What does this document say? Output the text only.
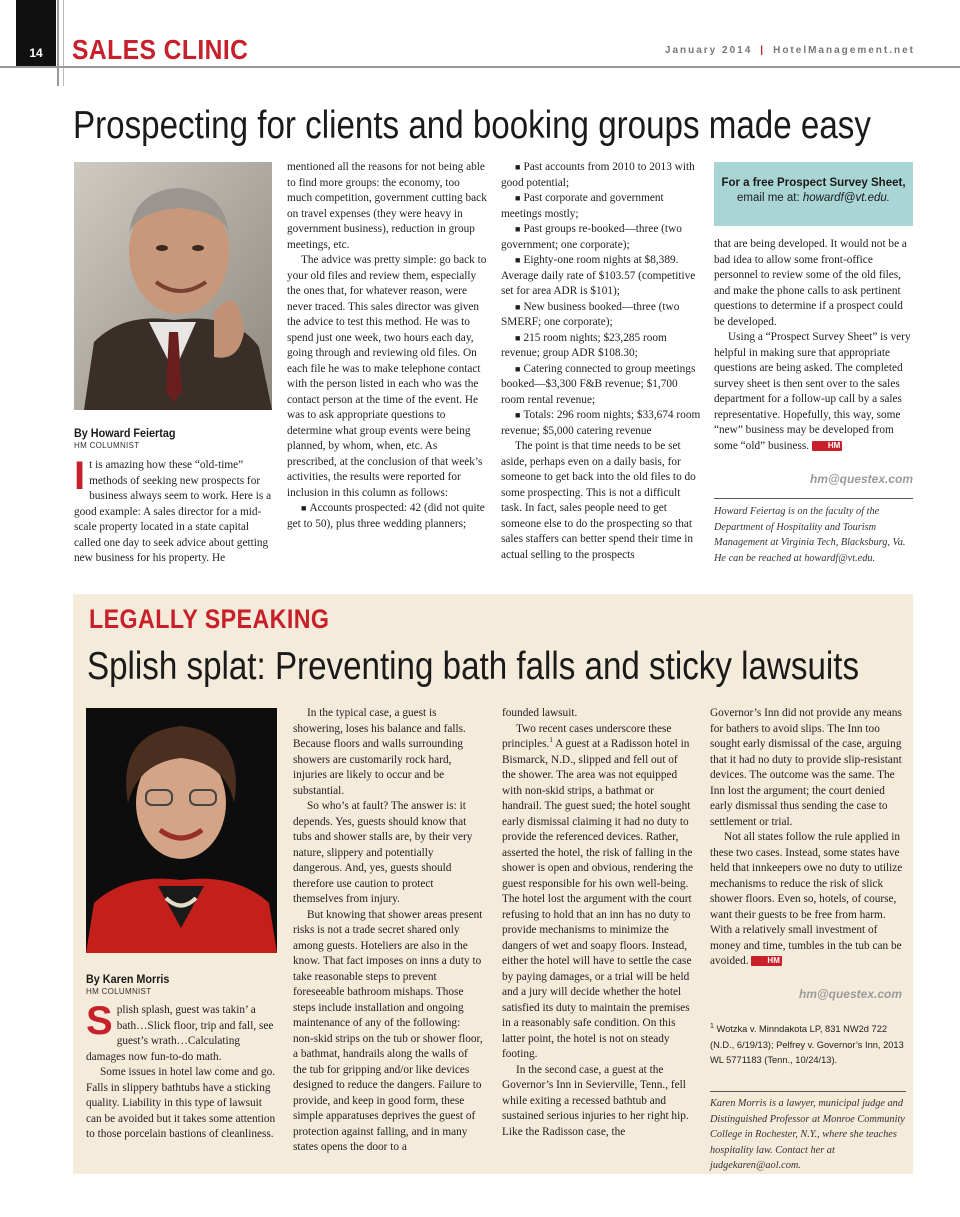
14	SALES CLINIC	January 2014 | HotelManagement.net
Prospecting for clients and booking groups made easy
By Howard Feiertag
HM COLUMNIST
I t is amazing how these “old-time” methods of seeking new prospects for business always seem to work. Here is a good example: A sales director for a mid-scale property located in a state capital called one day to seek advice about getting new business for his property. He

mentioned all the reasons for not being able to find more groups: the economy, too much competition, government cutting back on travel expenses (they were heavy in government business), reduction in group meetings, etc.

The advice was pretty simple: go back to your old files and review them, especially the ones that, for whatever reason, were never traced. This sales director was given the advice to test this method. He was to spend just one week, two hours each day, going through and reviewing old files. On each file he was to make telephone contact with the person listed in each who was the contact person at the time of the event. He was to ask appropriate questions to determine what group events were being planned, by whom, when, etc. As prescribed, at the conclusion of that week’s activities, the results were reported for inclusion in this column as follows:

■ Accounts prospected: 42 (did not quite get to 50), plus three wedding planners;

■ Past accounts from 2010 to 2013 with good potential;

■ Past corporate and government meetings mostly;

■ Past groups re-booked—three (two government; one corporate);

■ Eighty-one room nights at $8,389. Average daily rate of $103.57 (competitive set for area ADR is $101);

■ New business booked—three (two SMERF; one corporate);

■ 215 room nights; $23,285 room revenue; group ADR $108.30;

■ Catering connected to group meetings booked—$3,300 F&B revenue; $1,700 room rental revenue;

■ Totals: 296 room nights; $33,674 room revenue; $5,000 catering revenue

The point is that time needs to be set aside, perhaps even on a daily basis, for someone to get back into the old files to do some prospecting. This is not a difficult task. In fact, sales people need to get someone else to do the prospecting so that sales staffers can better spend their time in actual selling to the prospects

For a free Prospect Survey Sheet,
email me at: howardf@vt.edu.

that are being developed. It would not be a bad idea to allow some front-office personnel to review some of the old files, and make the phone calls to ask pertinent questions to determine if a prospect could be developed.

Using a “Prospect Survey Sheet” is very helpful in making sure that appropriate questions are being asked. The completed survey sheet is then sent over to the sales department for a follow-up call by a sales representative. Hopefully, this way, some “new” business may be developed from some “old” business. HM

hm@questex.com
Howard Feiertag is on the faculty of the Department of Hospitality and Tourism Management at Virginia Tech, Blacksburg, Va. He can be reached at howardf@vt.edu.
LEGALLY SPEAKING
Splish splat: Preventing bath falls and sticky lawsuits
By Karen Morris
HM COLUMNIST
S plish splash, guest was takin’ a bath…Slick floor, trip and fall, see guest’s wrath…Calculating damages now fun-to-do math.

Some issues in hotel law come and go. Falls in slippery bathtubs have a sticking quality. Liability in this type of lawsuit can be avoided but it takes some attention to those porcelain bastions of cleanliness.

In the typical case, a guest is showering, loses his balance and falls. Because floors and walls surrounding showers are customarily rock hard, injuries are likely to occur and be substantial.

So who’s at fault? The answer is: it depends. Yes, guests should know that tubs and shower stalls are, by their very nature, slippery and potentially dangerous. And, yes, guests should therefore use caution to protect themselves from injury.

But knowing that shower areas present risks is not a trade secret shared only among guests. Hoteliers are also in the know. That fact imposes on inns a duty to take reasonable steps to prevent foreseeable bathroom mishaps. Those steps include installation and ongoing maintenance of any of the following: non-skid strips on the tub or shower floor, a bathmat, handrails along the walls of the tub for gripping and/or like devices designed to reduce the dangers. Failure to provide, and keep in good form, these simple apparatuses deprives the guest of protection against falling, and in many states opens the door to a

founded lawsuit.

Two recent cases underscore these principles.$^1$ A guest at a Radisson hotel in Bismarck, N.D., slipped and fell out of the shower. The area was not equipped with non-skid strips, a bathmat or handrail. The guest sued; the hotel sought early dismissal claiming it had no duty to provide the referenced devices. Rather, asserted the hotel, the risk of falling in the shower is open and obvious, rendering the guest responsible for his own well-being. The hotel lost the argument with the court refusing to hold that an inn has no duty to provide mechanisms to minimize the dangers of wet and soapy floors. Instead, either the hotel will have to settle the case by paying damages, or a trial will be held and a jury will decide whether the hotel satisfied its duty to maintain the premises in a reasonably safe condition. On this latter point, the hotel is not on steady footing.

In the second case, a guest at the Governor’s Inn in Sevierville, Tenn., fell while exiting a recessed bathtub and sustained serious injuries to her right hip. Like the Radisson case, the

Governor’s Inn did not provide any means for bathers to avoid slips. The Inn too sought early dismissal of the case, arguing that it had no duty to provide slip-resistant devices. The outcome was the same. The Inn lost the argument; the court denied early dismissal thus sending the case to settlement or trial.

Not all states follow the rule applied in these two cases. Instead, some states have held that innkeepers owe no duty to utilize mechanisms to reduce the risk of slick shower floors. Even so, hotels, of course, want their guests to be free from harm. With a relatively small investment of money and time, tumbles in the tub can be avoided. HM

hm@questex.com
$^1$ Wotzka v. Minndakota LP, 831 NW2d 722 (N.D., 6/19/13); Pelfrey v. Governor’s Inn, 2013 WL 5771183 (Tenn., 10/24/13).
Karen Morris is a lawyer, municipal judge and Distinguished Professor at Monroe Community College in Rochester, N.Y., where she teaches hospitality law. Contact her at judgekaren@aol.com.
